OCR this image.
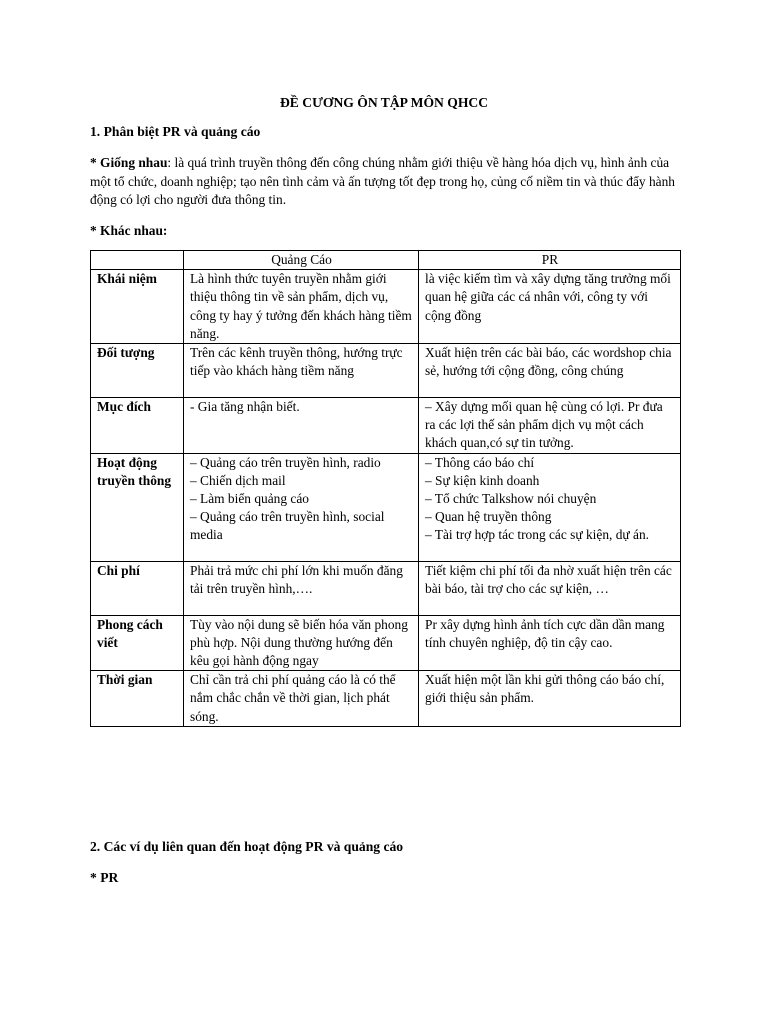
ĐỀ CƯƠNG ÔN TẬP MÔN QHCC
1. Phân biệt PR và quảng cáo

* Giống nhau: là quá trình truyền thông đến công chúng nhằm giới thiệu về hàng hóa dịch vụ, hình ảnh của một tổ chức, doanh nghiệp; tạo nên tình cảm và ấn tượng tốt đẹp trong họ, củng cố niềm tin và thúc đẩy hành động có lợi cho người đưa thông tin.

* Khác nhau:

	Quảng Cáo	PR
Khái niệm	Là hình thức tuyên truyền nhằm giới thiệu thông tin về sản phẩm, dịch vụ, công ty hay ý tưởng đến khách hàng tiềm năng.	là việc kiếm tìm và xây dựng tăng trưởng mối quan hệ giữa các cá nhân với, công ty với cộng đồng

Đối tượng	Trên các kênh truyền thông, hướng trực tiếp vào khách hàng tiềm năng	Xuất hiện trên các bài báo, các wordshop chia sẻ, hướng tới cộng đồng, công chúng

Mục đích	- Gia tăng nhận biết.	– Xây dựng mối quan hệ cùng có lợi. Pr đưa ra các lợi thế sản phẩm dịch vụ một cách khách quan,có sự tin tưởng.

Hoạt động truyền thông	– Quảng cáo trên truyền hình, radio
– Chiến dịch mail
– Làm biển quảng cáo
– Quảng cáo trên truyền hình, social media	– Thông cáo báo chí
– Sự kiện kinh doanh
– Tổ chức Talkshow nói chuyện
– Quan hệ truyền thông
– Tài trợ hợp tác trong các sự kiện, dự án.

Chi phí	Phải trả mức chi phí lớn khi muốn đăng tải trên truyền hình,….	Tiết kiệm chi phí tối đa nhờ xuất hiện trên các bài báo, tài trợ cho các sự kiện, …

Phong cách viết	Tùy vào nội dung sẽ biến hóa văn phong phù hợp. Nội dung thường hướng đến kêu gọi hành động ngay	Pr xây dựng hình ảnh tích cực dần dần mang tính chuyên nghiệp, độ tin cậy cao.

Thời gian	Chỉ cần trả chi phí quảng cáo là có thể nắm chắc chắn về thời gian, lịch phát sóng.	Xuất hiện một lần khi gửi thông cáo báo chí, giới thiệu sản phẩm.
2. Các ví dụ liên quan đến hoạt động PR và quảng cáo

* PR
